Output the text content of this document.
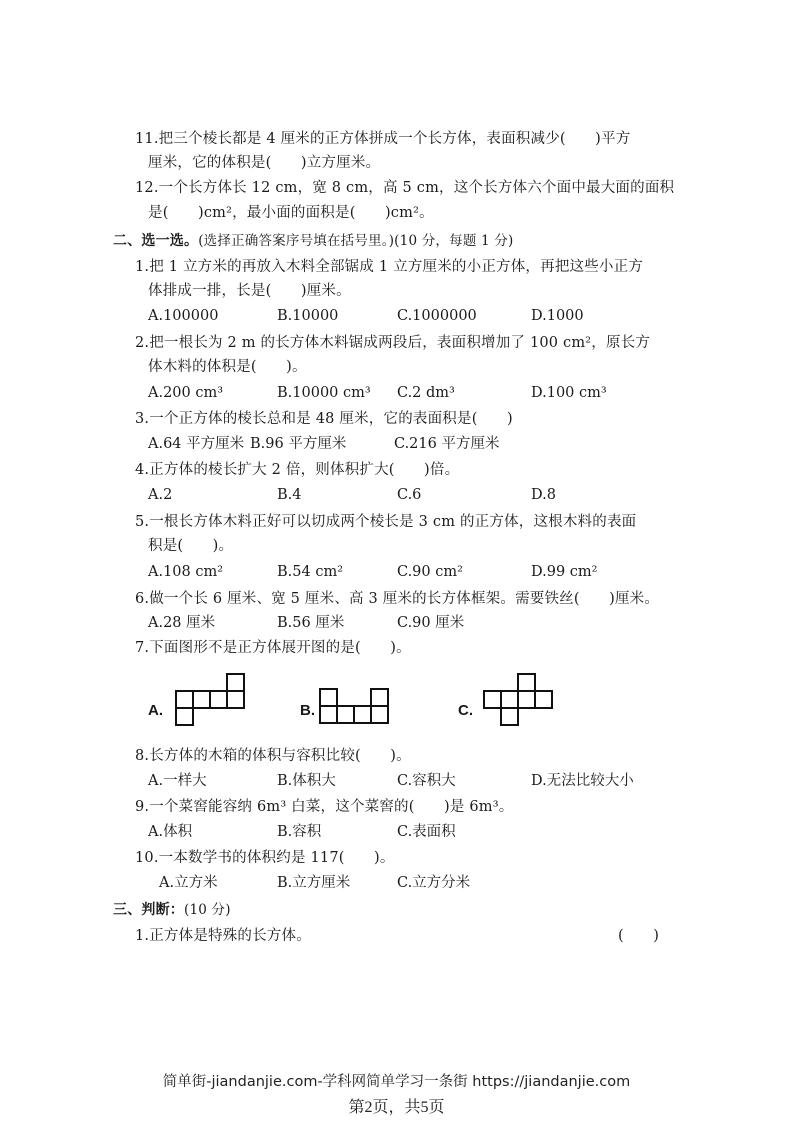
11.把三个棱长都是 4 厘米的正方体拼成一个长方体，表面积减少(　　)平方
厘米，它的体积是(　　)立方厘米。
12.一个长方体长 12 cm，宽 8 cm，高 5 cm，这个长方体六个面中最大面的面积
是(　　)cm²，最小面的面积是(　　)cm²。
二、选一选。(选择正确答案序号填在括号里。)(10 分，每题 1 分)
1.把 1 立方米的再放入木料全部锯成 1 立方厘米的小正方体，再把这些小正方
体排成一排，长是(　　)厘米。
A.100000	B.10000	C.1000000	D.1000
2.把一根长为 2 m 的长方体木料锯成两段后，表面积增加了 100 cm²，原长方
体木料的体积是(　　)。
A.200 cm³	B.10000 cm³ C.2 dm³	D.100 cm³
3.一个正方体的棱长总和是 48 厘米，它的表面积是(　　)
A.64 平方厘米 B.96 平方厘米	C.216 平方厘米
4.正方体的棱长扩大 2 倍，则体积扩大(　　)倍。
A.2	B.4	C.6	D.8
5.一根长方体木料正好可以切成两个棱长是 3 cm 的正方体，这根木料的表面
积是(　　)。
A.108 cm²	B.54 cm²	C.90 cm²	D.99 cm²
6.做一个长 6 厘米、宽 5 厘米、高 3 厘米的长方体框架。需要铁丝(　　)厘米。
A.28 厘米	B.56 厘米	C.90 厘米
7.下面图形不是正方体展开图的是(　　)。
A.	B.	C.
8.长方体的木箱的体积与容积比较(　　)。
A.一样大	B.体积大	C.容积大	D.无法比较大小
9.一个菜窖能容纳 6m³ 白菜，这个菜窖的(　　)是 6m³。
A.体积	B.容积	C.表面积
10.一本数学书的体积约是 117(　　)。
A.立方米	B.立方厘米	C.立方分米
三、判断：(10 分)
1.正方体是特殊的长方体。	(　　)
简单街-jiandanjie.com-学科网简单学习一条街 https://jiandanjie.com
第2页，共5页
